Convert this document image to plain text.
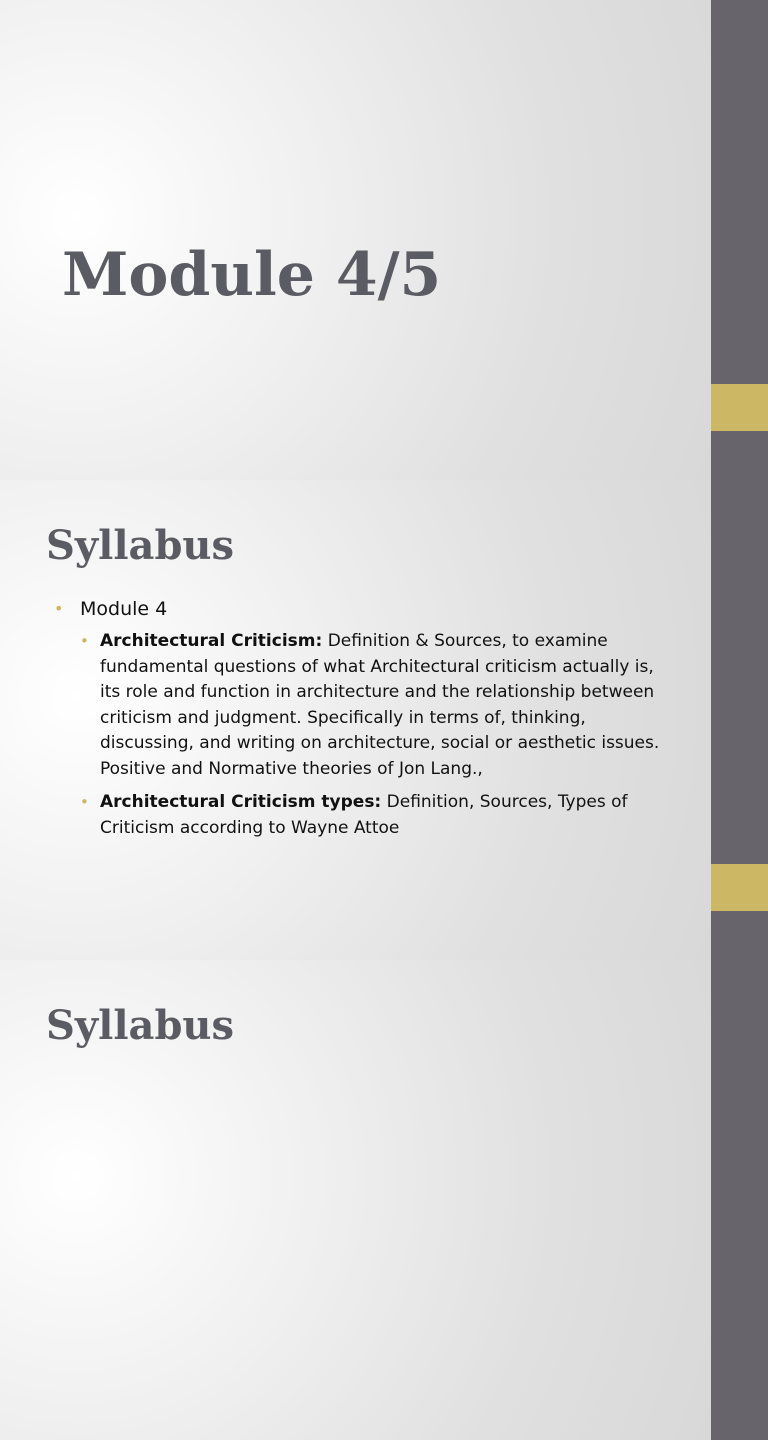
Module 4/5
Syllabus
• Module 4
• Architectural Criticism: Definition & Sources, to examine fundamental questions of what Architectural criticism actually is, its role and function in architecture and the relationship between criticism and judgment. Specifically in terms of, thinking, discussing, and writing on architecture, social or aesthetic issues. Positive and Normative theories of Jon Lang.,
• Architectural Criticism types: Definition, Sources, Types of Criticism according to Wayne Attoe
Syllabus
